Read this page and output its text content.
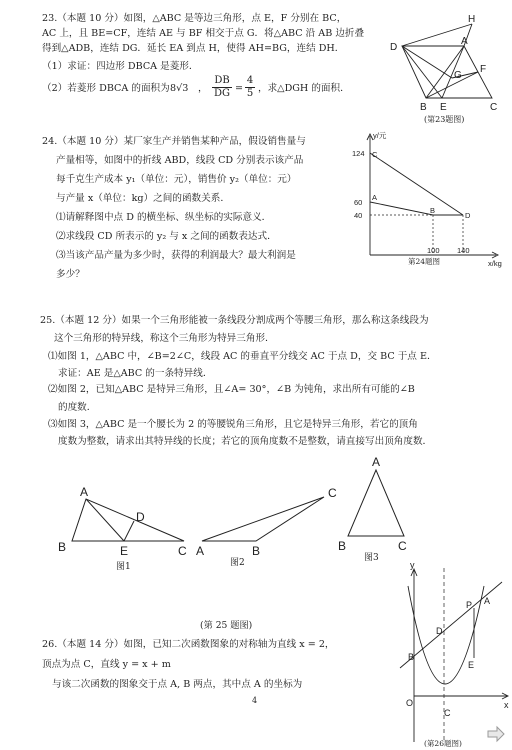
23.（本题 10 分）如图，△ABC 是等边三角形，点 E，F 分别在 BC，
AC 上，且 BE=CF，连结 AE 与 BF 相交于点 G．将△ABC 沿 AB 边折叠
得到△ADB，连结 DG．延长 EA 到点 H，使得 AH=BG，连结 DH．
（1）求证：四边形 DBCA 是菱形．
（2）若菱形 DBCA 的面积为 8√3 ，
DB
DG =
4
5 ，求△DGH 的面积．
H
D
A
G
F
B E	C
(第23题图)
24.（本题 10 分）某厂家生产并销售某种产品，假设销售量与
产量相等，如图中的折线 ABD，线段 CD 分别表示该产品
每千克生产成本 y₁（单位：元），销售价 y₂（单位：元）
与产量 x（单位：kg）之间的函数关系．
⑴请解释图中点 D 的横坐标、纵坐标的实际意义．
⑵求线段 CD 所表示的 y₂ 与 x 之间的函数表达式．
⑶当该产品产量为多少时，获得的利润最大？最大利润是
多少？
y/元
124
60
40
100 140
x/kg
C
A
B
D
第24题图
25.（本题 12 分）如果一个三角形能被一条线段分割成两个等腰三角形，那么称这条线段为
这个三角形的特异线，称这个三角形为特异三角形．
⑴如图 1，△ABC 中，∠B=2∠C，线段 AC 的垂直平分线交 AC 于点 D，交 BC 于点 E．
求证：AE 是△ABC 的一条特异线．
⑵如图 2，已知△ABC 是特异三角形，且∠A= 30°，∠B 为钝角，求出所有可能的∠B
的度数．
⑶如图 3，△ABC 是一个腰长为 2 的等腰锐角三角形，且它是特异三角形，若它的顶角
度数为整数，请求出其特异线的长度；若它的顶角度数不是整数，请直接写出顶角度数．
A
B	E
D
C
图1
A	B
C
图2
A
B	C
图3
(第 25 题图)
26.（本题 14 分）如图，已知二次函数图象的对称轴为直线 x = 2，
顶点为点 C，直线 y = x + m
与该二次函数的图象交于点 A, B 两点，其中点 A 的坐标为
4
y
x
O
B
D
C
P A
E
(第26题图)
